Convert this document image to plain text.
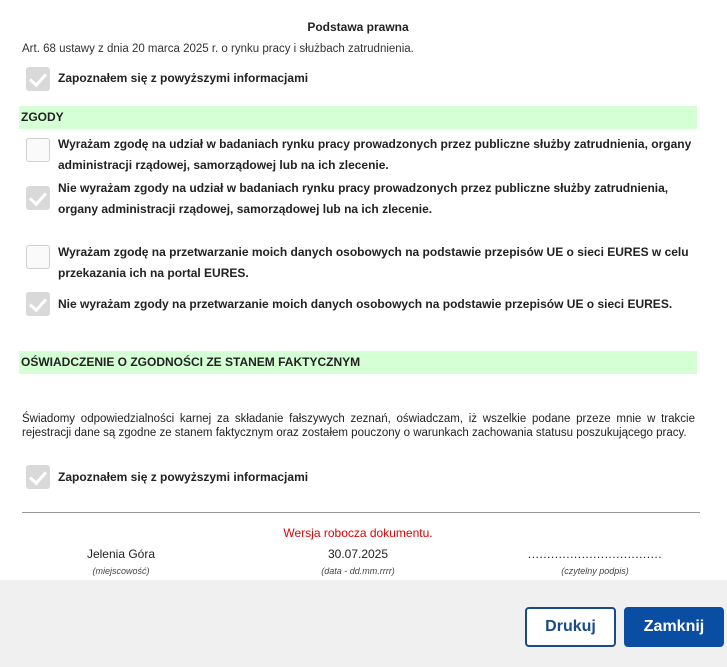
Podstawa prawna
Art. 68 ustawy z dnia 20 marca 2025 r. o rynku pracy i służbach zatrudnienia.
Zapoznałem się z powyższymi informacjami
ZGODY
Wyrażam zgodę na udział w badaniach rynku pracy prowadzonych przez publiczne służby zatrudnienia, organy
administracji rządowej, samorządowej lub na ich zlecenie.
Nie wyrażam zgody na udział w badaniach rynku pracy prowadzonych przez publiczne służby zatrudnienia,
organy administracji rządowej, samorządowej lub na ich zlecenie.
Wyrażam zgodę na przetwarzanie moich danych osobowych na podstawie przepisów UE o sieci EURES w celu
przekazania ich na portal EURES.
Nie wyrażam zgody na przetwarzanie moich danych osobowych na podstawie przepisów UE o sieci EURES.
OŚWIADCZENIE O ZGODNOŚCI ZE STANEM FAKTYCZNYM
Świadomy odpowiedzialności karnej za składanie fałszywych zeznań, oświadczam, iż wszelkie podane przeze mnie w trakcie rejestracji dane są zgodne ze stanem faktycznym oraz zostałem pouczony o warunkach zachowania statusu poszukującego pracy.
Zapoznałem się z powyższymi informacjami
Wersja robocza dokumentu.
Jelenia Góra
(miejscowość)
30.07.2025
(data - dd.mm.rrrr)
...................................
(czytelny podpis)
Drukuj	Zamknij
